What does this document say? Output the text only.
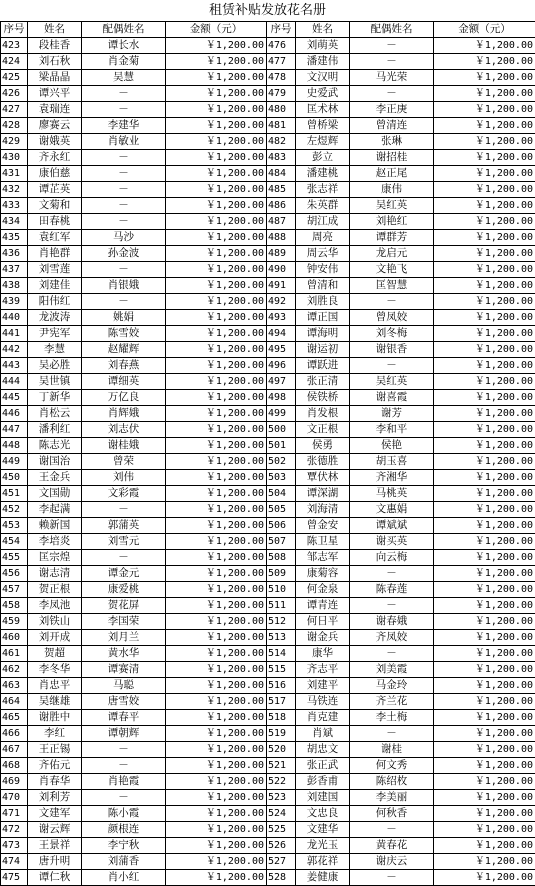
租赁补贴发放花名册
序号	姓名	配偶姓名	金额（元）	序号	姓名	配偶姓名	金额（元）
423	段桂香	谭长水	￥1,200.00	476	刘萌英	－	￥1,200.00
424	刘石秋	肖金菊	￥1,200.00	477	潘建伟	－	￥1,200.00
425	梁晶晶	吴慧	￥1,200.00	478	文汉明	马光荣	￥1,200.00
426	谭兴平	－	￥1,200.00	479	史爱武	－	￥1,200.00
427	袁瑞连	－	￥1,200.00	480	匡术林	李正庚	￥1,200.00
428	廖赛云	李建华	￥1,200.00	481	曾桥梁	曾清连	￥1,200.00
429	谢娥英	肖敏业	￥1,200.00	482	左煜辉	张琳	￥1,200.00
430	齐永红	－	￥1,200.00	483	彭立	谢招桂	￥1,200.00
431	康伯慈	－	￥1,200.00	484	潘建桃	赵正尾	￥1,200.00
432	谭芷英	－	￥1,200.00	485	张志祥	康伟	￥1,200.00
433	文菊和	－	￥1,200.00	486	朱英群	吴红英	￥1,200.00
434	田春桃	－	￥1,200.00	487	胡江成	刘艳红	￥1,200.00
435	袁红军	马沙	￥1,200.00	488	周亮	谭群芳	￥1,200.00
436	肖艳群	孙金波	￥1,200.00	489	周云华	龙启元	￥1,200.00
437	刘雪莲	－	￥1,200.00	490	钟安伟	文艳飞	￥1,200.00
438	刘建佳	肖银娥	￥1,200.00	491	曾清和	匡智慧	￥1,200.00
439	阳伟红	－	￥1,200.00	492	刘胜良	－	￥1,200.00
440	龙波涛	姚娟	￥1,200.00	493	谭正国	曾凤姣	￥1,200.00
441	尹宪军	陈雪姣	￥1,200.00	494	谭海明	刘冬梅	￥1,200.00
442	李慧	赵耀辉	￥1,200.00	495	谢运初	谢银香	￥1,200.00
443	吴必胜	刘春燕	￥1,200.00	496	谭跃进	－	￥1,200.00
444	吴世镇	谭细英	￥1,200.00	497	张正清	吴红英	￥1,200.00
445	丁新华	万亿良	￥1,200.00	498	侯铁桥	谢喜霞	￥1,200.00
446	肖松云	肖辉娥	￥1,200.00	499	肖发根	谢芳	￥1,200.00
447	潘利红	刘志伏	￥1,200.00	500	文正根	李和平	￥1,200.00
448	陈志光	谢桂娥	￥1,200.00	501	侯勇	侯艳	￥1,200.00
449	谢国治	曾荣	￥1,200.00	502	张德胜	胡玉喜	￥1,200.00
450	王金兵	刘伟	￥1,200.00	503	覃伏林	齐湘华	￥1,200.00
451	文国勋	文彩霞	￥1,200.00	504	谭深湖	马桃英	￥1,200.00
452	李起满	－	￥1,200.00	505	刘海清	文惠娟	￥1,200.00
453	赖新国	郭蒲英	￥1,200.00	506	曾金安	谭斌斌	￥1,200.00
454	李培炎	刘雪元	￥1,200.00	507	陈卫星	谢买英	￥1,200.00
455	匡宗煌	－	￥1,200.00	508	邹志军	向云梅	￥1,200.00
456	谢志清	谭金元	￥1,200.00	509	康菊容	－	￥1,200.00
457	贺正根	康爱桃	￥1,200.00	510	何金泉	陈春莲	￥1,200.00
458	李凤池	贺花屏	￥1,200.00	511	谭青连	－	￥1,200.00
459	刘铁山	李国荣	￥1,200.00	512	何日平	谢春娥	￥1,200.00
460	刘开成	刘月兰	￥1,200.00	513	谢金兵	齐凤姣	￥1,200.00
461	贺超	黄水华	￥1,200.00	514	康华	－	￥1,200.00
462	李冬华	谭赛清	￥1,200.00	515	齐志平	刘美霞	￥1,200.00
463	肖忠平	马聪	￥1,200.00	516	刘建平	马金玲	￥1,200.00
464	吴继雄	唐雪姣	￥1,200.00	517	马铁连	齐兰花	￥1,200.00
465	谢胜中	谭春平	￥1,200.00	518	肖克建	李土梅	￥1,200.00
466	李红	谭朝辉	￥1,200.00	519	肖斌	－	￥1,200.00
467	王正锡	－	￥1,200.00	520	胡忠文	谢桂	￥1,200.00
468	齐佑元	－	￥1,200.00	521	张正武	何文秀	￥1,200.00
469	肖春华	肖艳霞	￥1,200.00	522	彭香甫	陈绍枚	￥1,200.00
470	刘利芳	－	￥1,200.00	523	刘建国	李美丽	￥1,200.00
471	文建军	陈小霞	￥1,200.00	524	文忠良	何秋香	￥1,200.00
472	谢云辉	颜根连	￥1,200.00	525	文建华	－	￥1,200.00
473	王景祥	李宁秋	￥1,200.00	526	龙光玉	黄春花	￥1,200.00
474	唐升明	刘蒲香	￥1,200.00	527	郭花祥	谢庆云	￥1,200.00
475	谭仁秋	肖小红	￥1,200.00	528	姜健康	－	￥1,200.00
